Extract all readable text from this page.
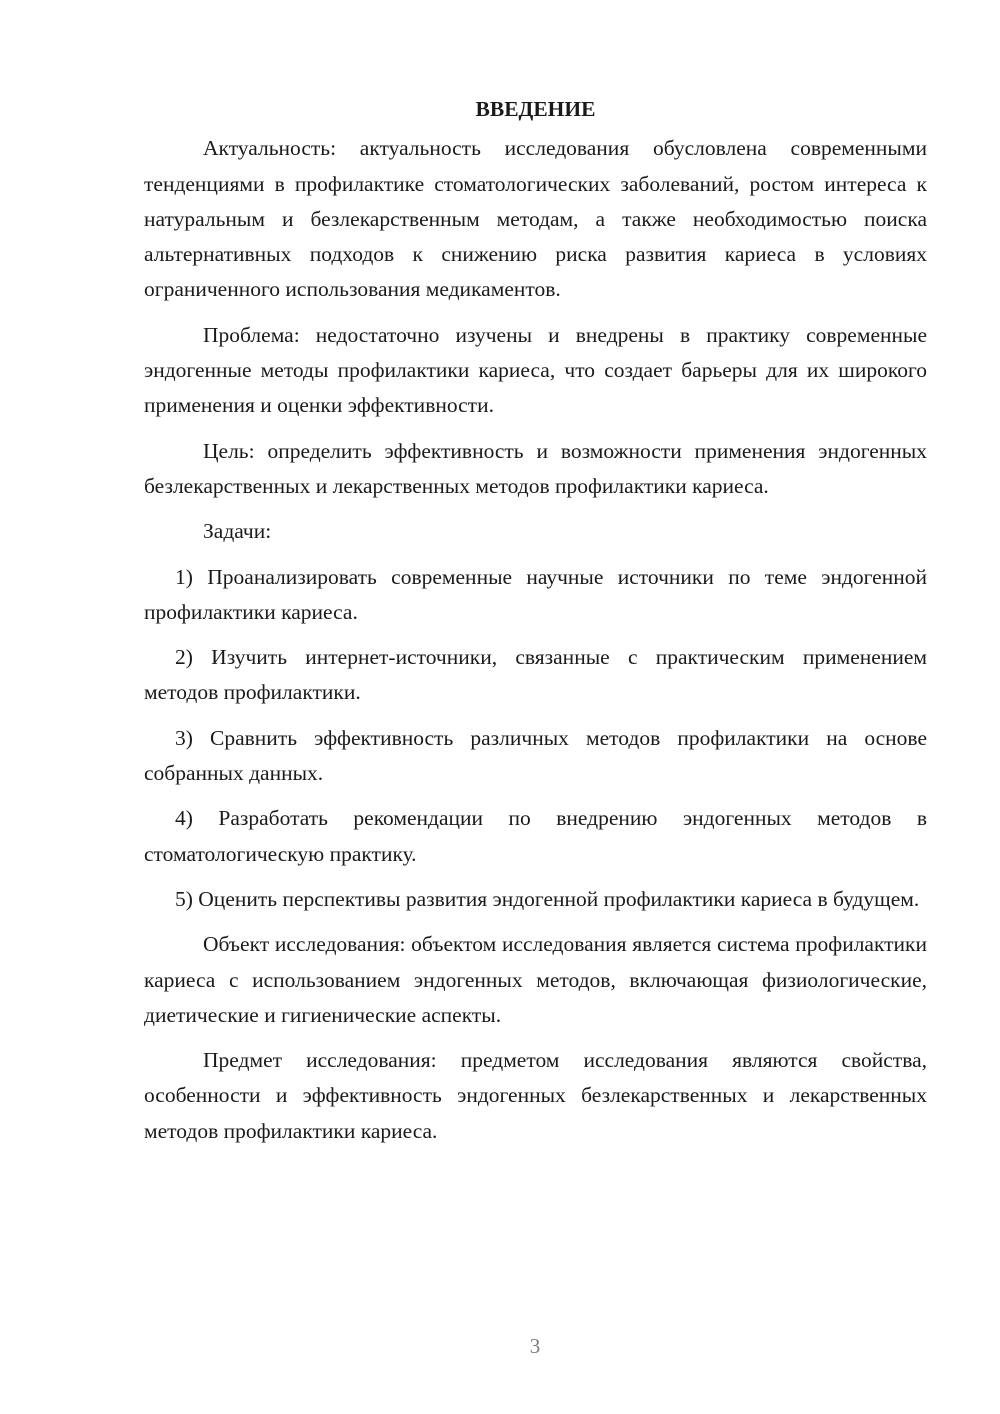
ВВЕДЕНИЕ

Актуальность: актуальность исследования обусловлена современными тенденциями в профилактике стоматологических заболеваний, ростом интереса к натуральным и безлекарственным методам, а также необходимостью поиска альтернативных подходов к снижению риска развития кариеса в условиях ограниченного использования медикаментов.

Проблема: недостаточно изучены и внедрены в практику современные эндогенные методы профилактики кариеса, что создает барьеры для их широкого применения и оценки эффективности.

Цель: определить эффективность и возможности применения эндогенных безлекарственных и лекарственных методов профилактики кариеса.

Задачи:

1) Проанализировать современные научные источники по теме эндогенной профилактики кариеса.

2) Изучить интернет-источники, связанные с практическим применением методов профилактики.

3) Сравнить эффективность различных методов профилактики на основе собранных данных.

4) Разработать рекомендации по внедрению эндогенных методов в стоматологическую практику.

5) Оценить перспективы развития эндогенной профилактики кариеса в будущем.

Объект исследования: объектом исследования является система профилактики кариеса с использованием эндогенных методов, включающая физиологические, диетические и гигиенические аспекты.

Предмет исследования: предметом исследования являются свойства, особенности и эффективность эндогенных безлекарственных и лекарственных методов профилактики кариеса.

3
